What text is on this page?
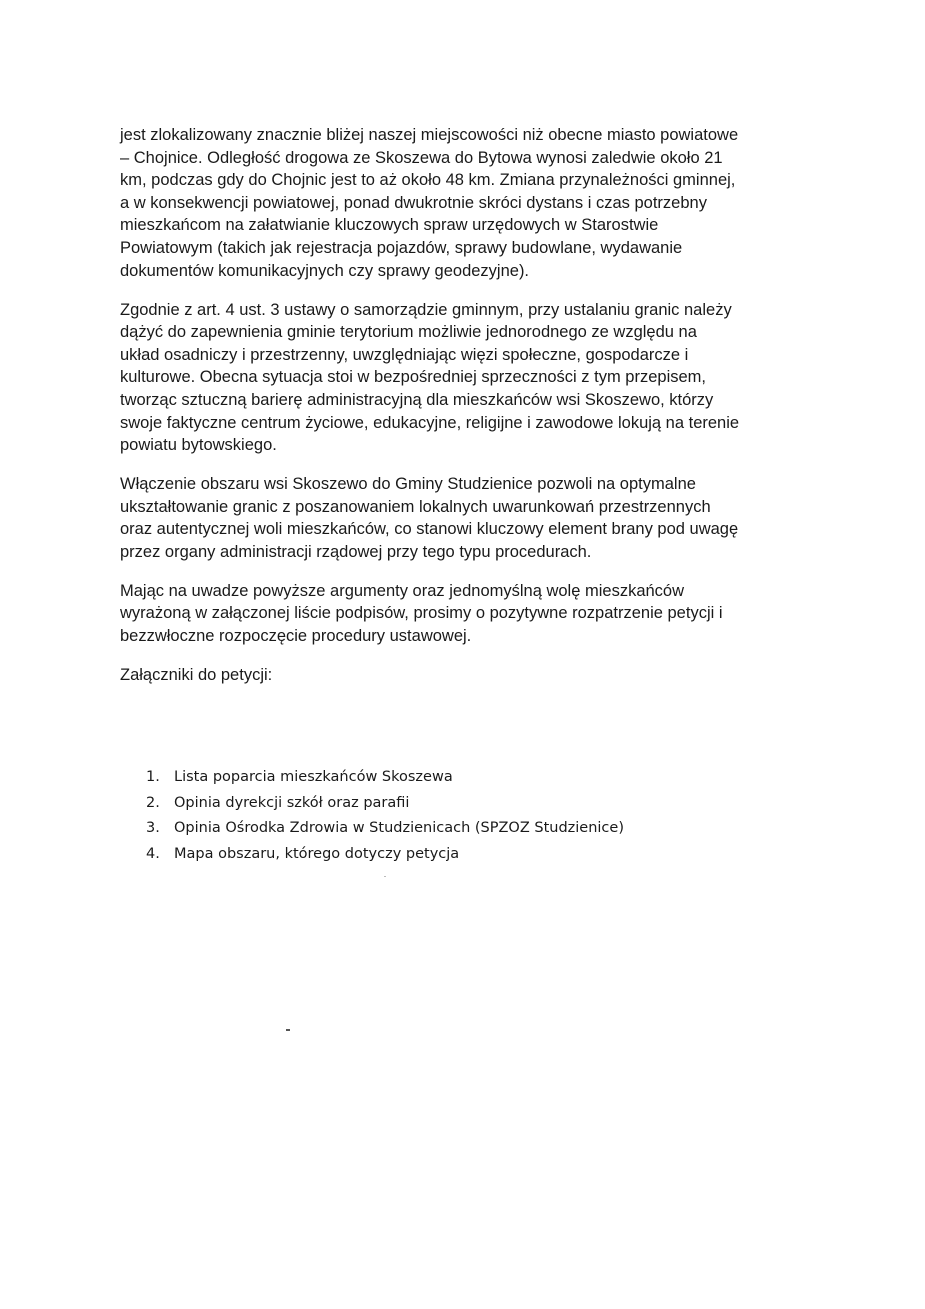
jest zlokalizowany znacznie bliżej naszej miejscowości niż obecne miasto powiatowe
– Chojnice. Odległość drogowa ze Skoszewa do Bytowa wynosi zaledwie około 21
km, podczas gdy do Chojnic jest to aż około 48 km. Zmiana przynależności gminnej,
a w konsekwencji powiatowej, ponad dwukrotnie skróci dystans i czas potrzebny
mieszkańcom na załatwianie kluczowych spraw urzędowych w Starostwie
Powiatowym (takich jak rejestracja pojazdów, sprawy budowlane, wydawanie
dokumentów komunikacyjnych czy sprawy geodezyjne).

Zgodnie z art. 4 ust. 3 ustawy o samorządzie gminnym, przy ustalaniu granic należy
dążyć do zapewnienia gminie terytorium możliwie jednorodnego ze względu na
układ osadniczy i przestrzenny, uwzględniając więzi społeczne, gospodarcze i
kulturowe. Obecna sytuacja stoi w bezpośredniej sprzeczności z tym przepisem,
tworząc sztuczną barierę administracyjną dla mieszkańców wsi Skoszewo, którzy
swoje faktyczne centrum życiowe, edukacyjne, religijne i zawodowe lokują na terenie
powiatu bytowskiego.

Włączenie obszaru wsi Skoszewo do Gminy Studzienice pozwoli na optymalne
ukształtowanie granic z poszanowaniem lokalnych uwarunkowań przestrzennych
oraz autentycznej woli mieszkańców, co stanowi kluczowy element brany pod uwagę
przez organy administracji rządowej przy tego typu procedurach.

Mając na uwadze powyższe argumenty oraz jednomyślną wolę mieszkańców
wyrażoną w załączonej liście podpisów, prosimy o pozytywne rozpatrzenie petycji i
bezzwłoczne rozpoczęcie procedury ustawowej.

Załączniki do petycji:

1. Lista poparcia mieszkańców Skoszewa
2. Opinia dyrekcji szkół oraz parafii
3. Opinia Ośrodka Zdrowia w Studzienicach (SPZOZ Studzienice)
4. Mapa obszaru, którego dotyczy petycja
